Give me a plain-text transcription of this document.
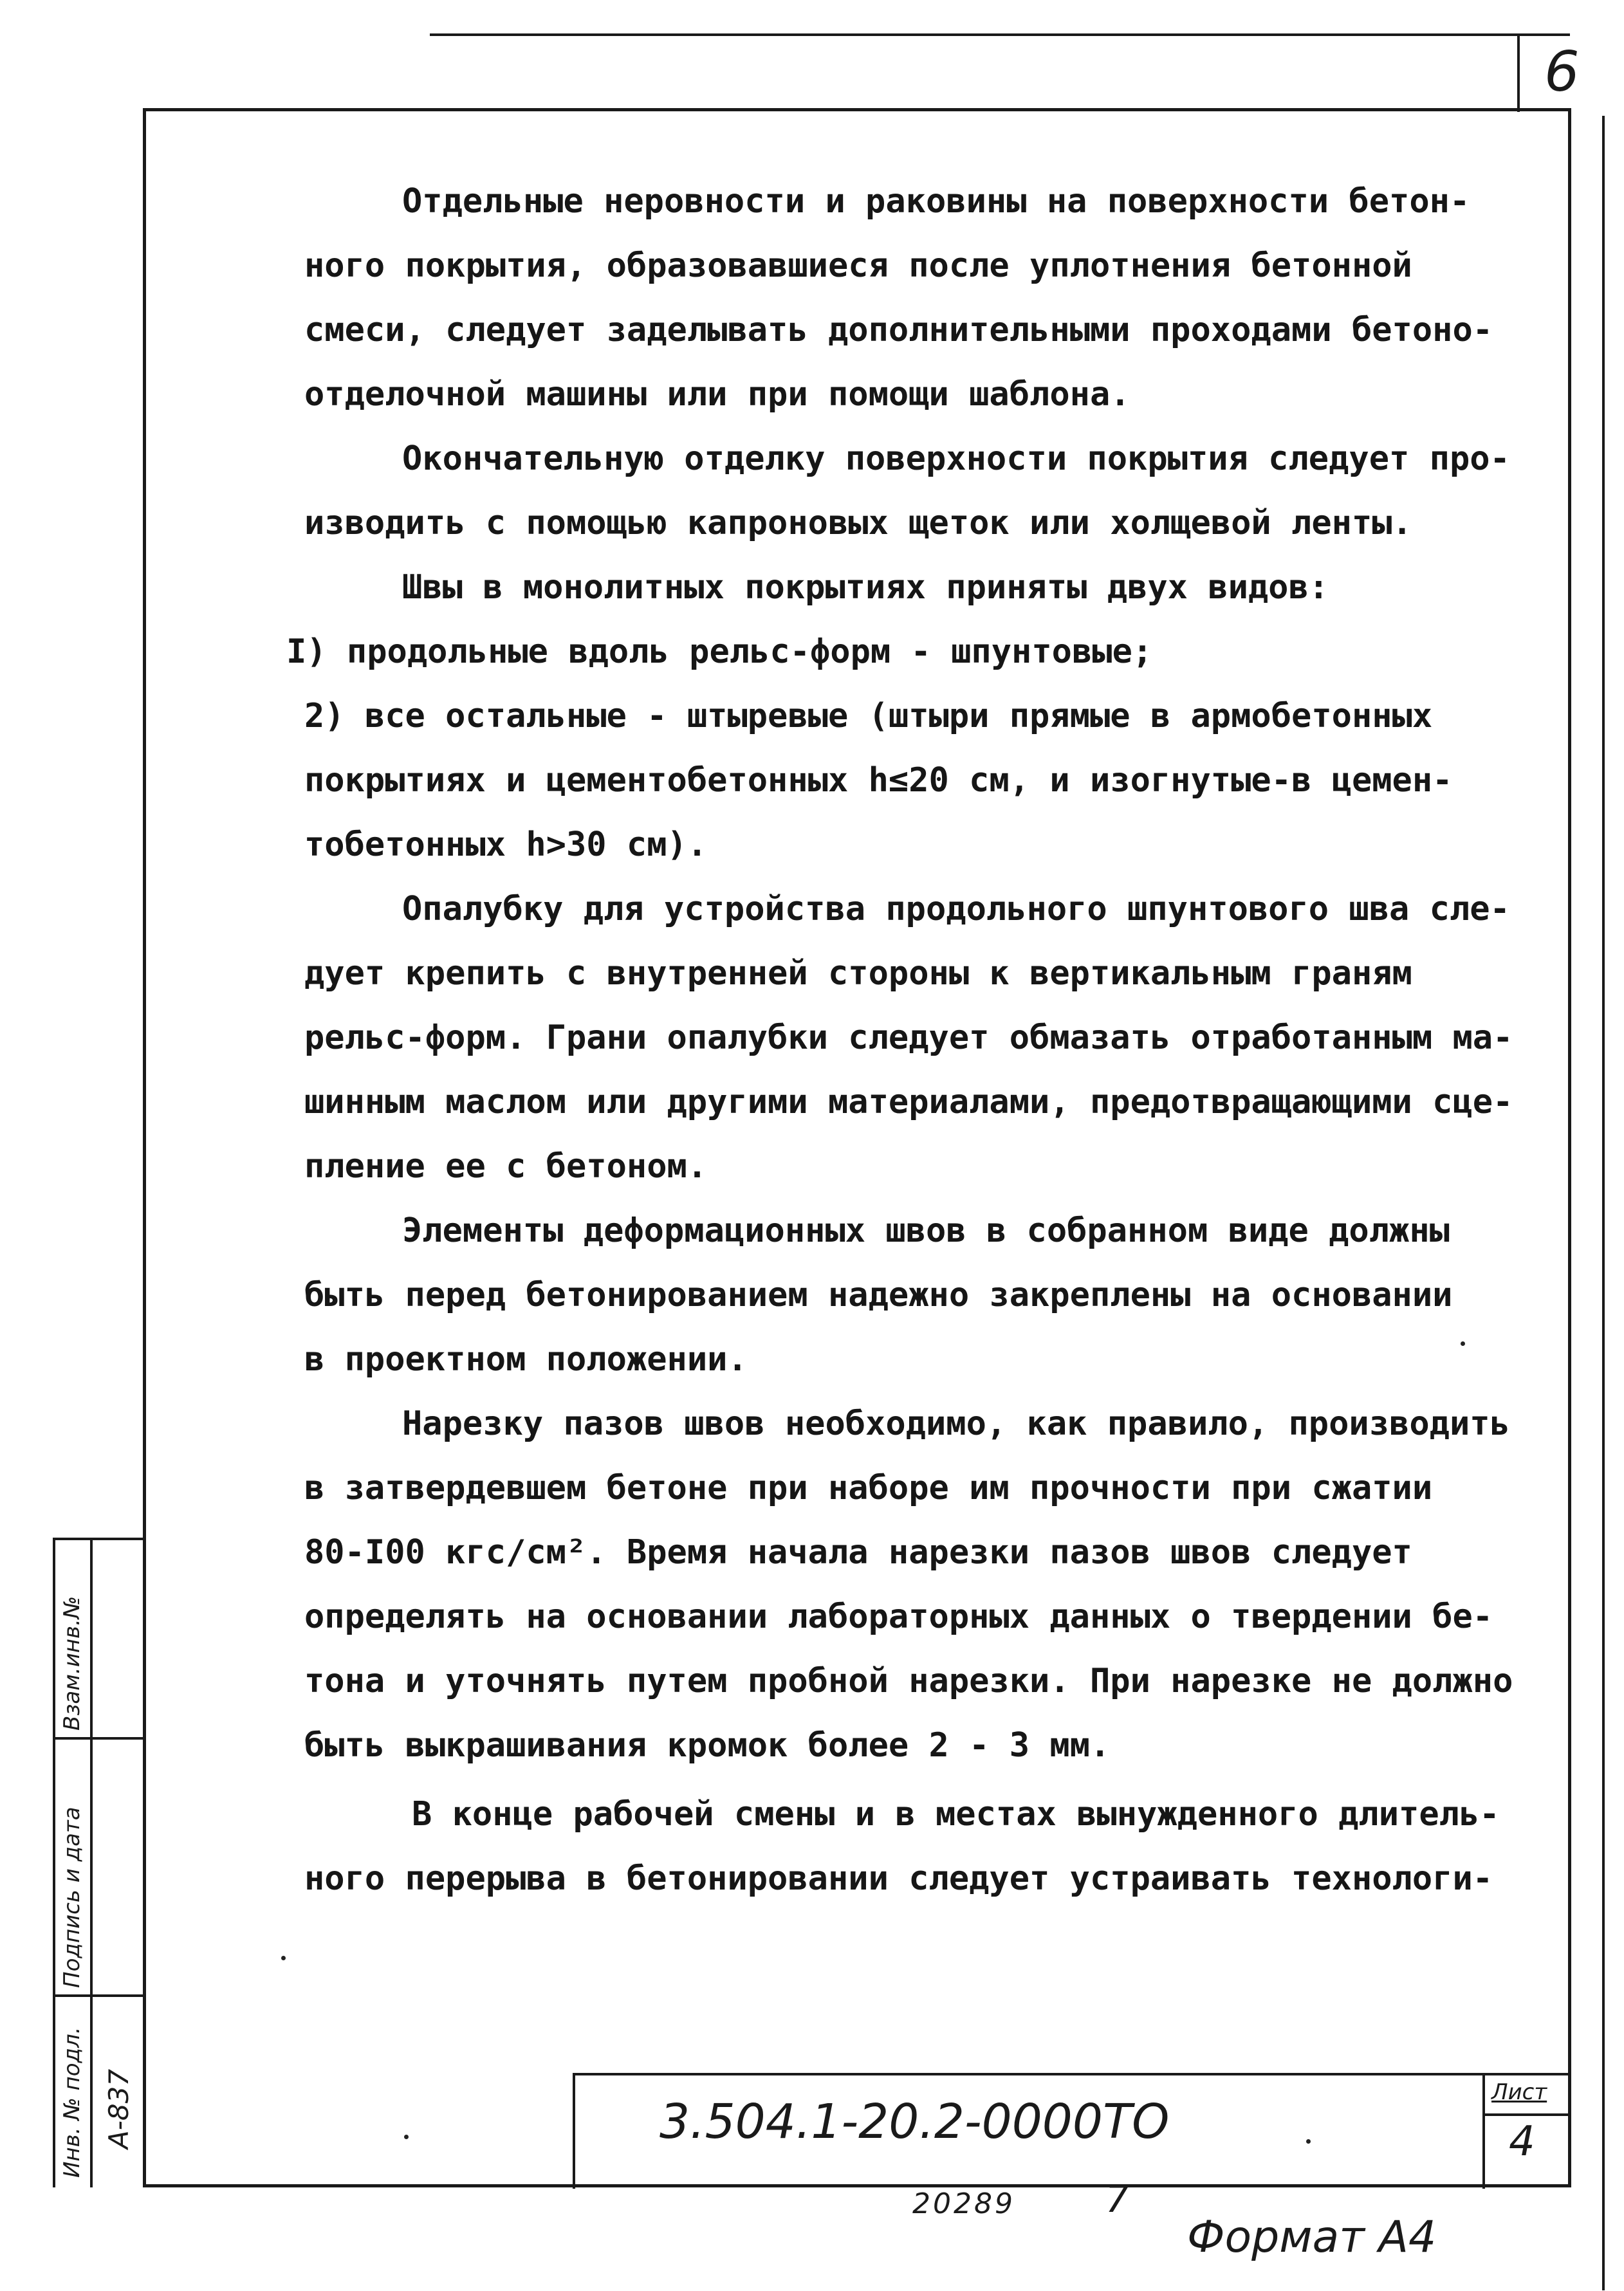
6
Отдельные неровности и раковины на поверхности бетон-
ного покрытия, образовавшиеся после уплотнения бетонной
смеси, следует заделывать дополнительными проходами бетоно-
отделочной машины или при помощи шаблона.
Окончательную отделку поверхности покрытия следует про-
изводить с помощью капроновых щеток или холщевой ленты.
Швы в монолитных покрытиях приняты двух видов:
I) продольные вдоль рельс-форм - шпунтовые;
2) все остальные - штыревые (штыри прямые в армобетонных
покрытиях и цементобетонных h≤20 см, и изогнутые-в цемен-
тобетонных h>30 см).
Опалубку для устройства продольного шпунтового шва сле-
дует крепить с внутренней стороны к вертикальным граням
рельс-форм. Грани опалубки следует обмазать отработанным ма-
шинным маслом или другими материалами, предотвращающими сце-
пление ее с бетоном.
Элементы деформационных швов в собранном виде должны
быть перед бетонированием надежно закреплены на основании
в проектном положении.
Нарезку пазов швов необходимо, как правило, производить
в затвердевшем бетоне при наборе им прочности при сжатии
80-I00 кгс/см². Время начала нарезки пазов швов следует
определять на основании лабораторных данных о твердении бе-
тона и уточнять путем пробной нарезки. При нарезке не должно
быть выкрашивания кромок более 2 - 3 мм.
В конце рабочей смены и в местах вынужденного длитель-
ного перерыва в бетонировании следует устраивать технологи-
Взам.инв.№
Подпись и дата
Инв. № подл. А-837	3.504.1-20.2-0000ТО
Лист
4
20289 7
Формат А4
